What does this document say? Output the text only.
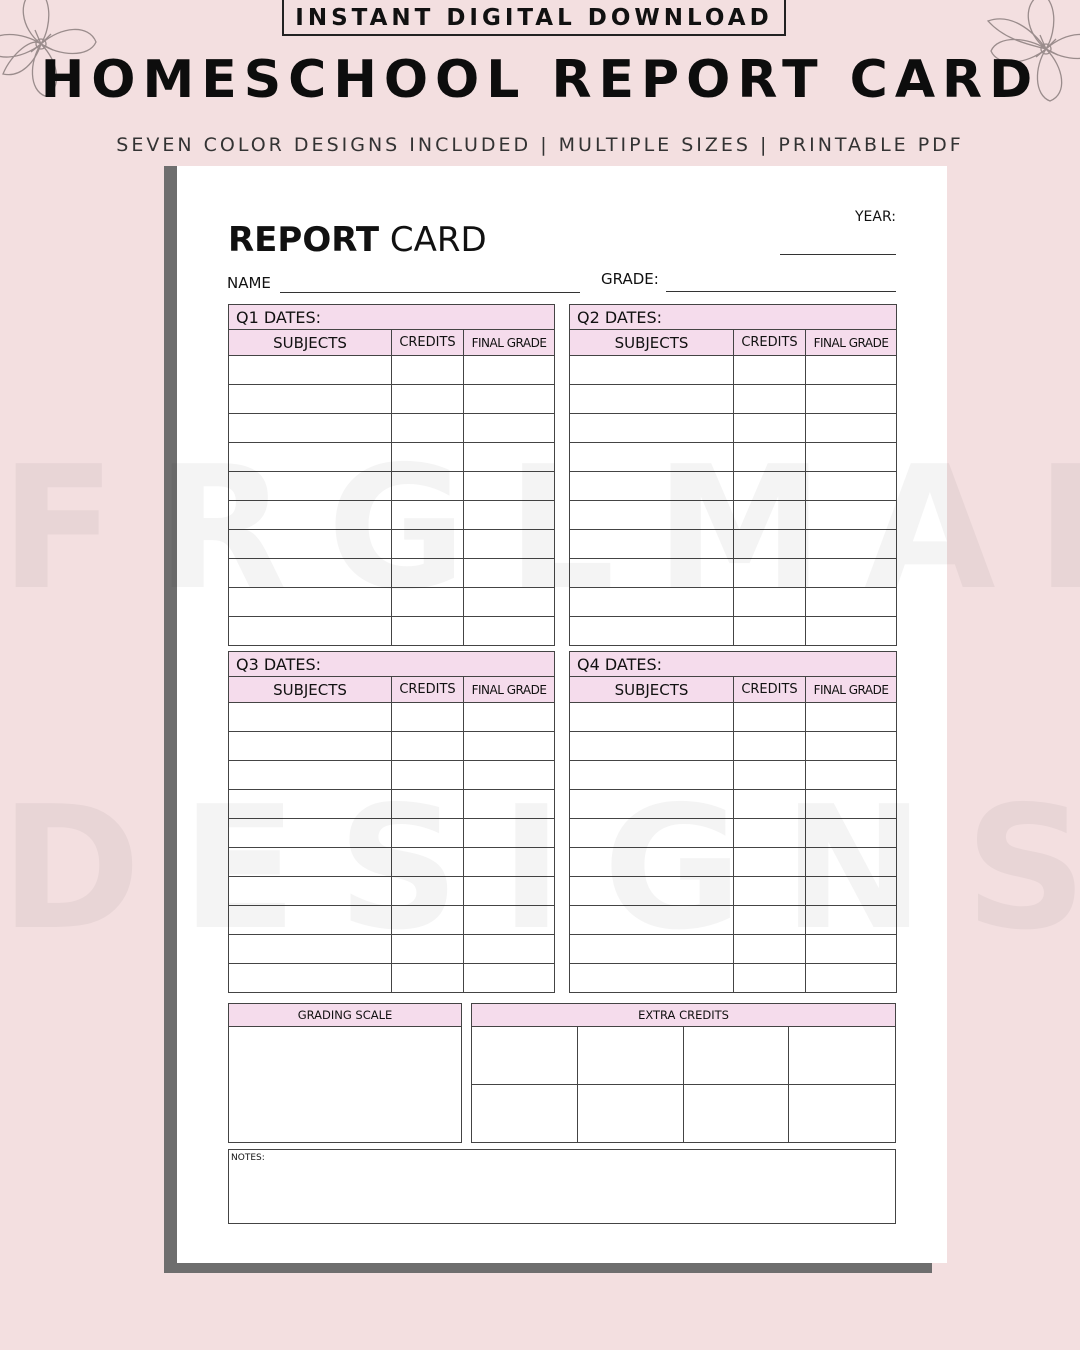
INSTANT DIGITAL DOWNLOAD
HOMESCHOOL REPORT CARD
SEVEN COLOR DESIGNS INCLUDED | MULTIPLE SIZES | PRINTABLE PDF
REPORT CARD
YEAR:
NAME	GRADE:
Q1 DATES:		
SUBJECTS	CREDITS	FINAL GRADE

Q2 DATES:		
SUBJECTS	CREDITS	FINAL GRADE

Q3 DATES:		
SUBJECTS	CREDITS	FINAL GRADE

Q4 DATES:		
SUBJECTS	CREDITS	FINAL GRADE

GRADING SCALE	EXTRA CREDITS
NOTES:
